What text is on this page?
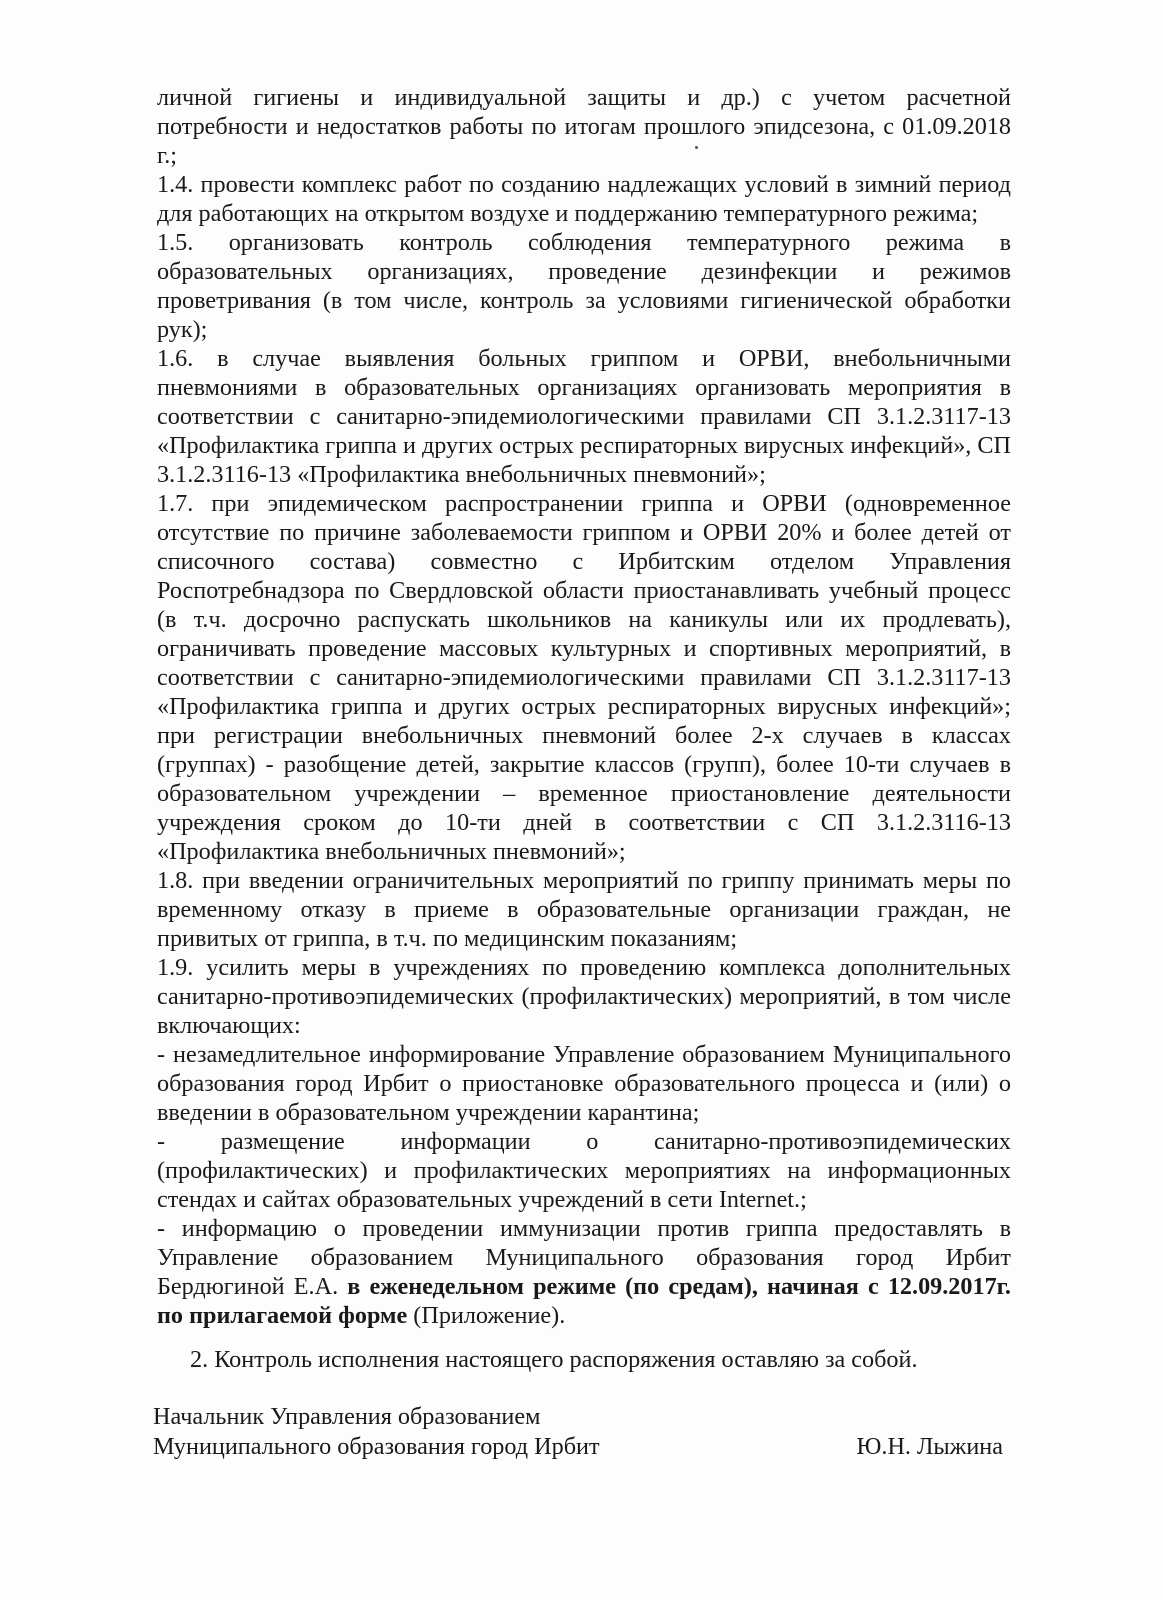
личной гигиены и индивидуальной защиты и др.) с учетом расчетной потребности и недостатков работы по итогам прошлого эпидсезона, с 01.09.2018 г.;

1.4. провести комплекс работ по созданию надлежащих условий в зимний период для работающих на открытом воздухе и поддержанию температурного режима;

1.5. организовать контроль соблюдения температурного режима в образовательных организациях, проведение дезинфекции и режимов проветривания (в том числе, контроль за условиями гигиенической обработки рук);

1.6. в случае выявления больных гриппом и ОРВИ, внебольничными пневмониями в образовательных организациях организовать мероприятия в соответствии с санитарно-эпидемиологическими правилами СП 3.1.2.3117-13 «Профилактика гриппа и других острых респираторных вирусных инфекций», СП 3.1.2.3116-13 «Профилактика внебольничных пневмоний»;

1.7. при эпидемическом распространении гриппа и ОРВИ (одновременное отсутствие по причине заболеваемости гриппом и ОРВИ 20% и более детей от списочного состава) совместно с Ирбитским отделом Управления Роспотребнадзора по Свердловской области приостанавливать учебный процесс (в т.ч. досрочно распускать школьников на каникулы или их продлевать), ограничивать проведение массовых культурных и спортивных мероприятий, в соответствии с санитарно-эпидемиологическими правилами СП 3.1.2.3117-13 «Профилактика гриппа и других острых респираторных вирусных инфекций»; при регистрации внебольничных пневмоний более 2-х случаев в классах (группах) - разобщение детей, закрытие классов (групп), более 10-ти случаев в образовательном учреждении – временное приостановление деятельности учреждения сроком до 10-ти дней в соответствии с СП 3.1.2.3116-13 «Профилактика внебольничных пневмоний»;

1.8. при введении ограничительных мероприятий по гриппу принимать меры по временному отказу в приеме в образовательные организации граждан, не привитых от гриппа, в т.ч. по медицинским показаниям;

1.9. усилить меры в учреждениях по проведению комплекса дополнительных санитарно-противоэпидемических (профилактических) мероприятий, в том числе включающих:

- незамедлительное информирование Управление образованием Муниципального образования город Ирбит о приостановке образовательного процесса и (или) о введении в образовательном учреждении карантина;

- размещение информации о санитарно-противоэпидемических (профилактических) и профилактических мероприятиях на информационных стендах и сайтах образовательных учреждений в сети Internet.;

- информацию о проведении иммунизации против гриппа предоставлять в Управление образованием Муниципального образования город Ирбит Бердюгиной Е.А. в еженедельном режиме (по средам), начиная с 12.09.2017г. по прилагаемой форме (Приложение).

2. Контроль исполнения настоящего распоряжения оставляю за собой.
Начальник Управления образованием
Муниципального образования город Ирбит	Ю.Н. Лыжина
